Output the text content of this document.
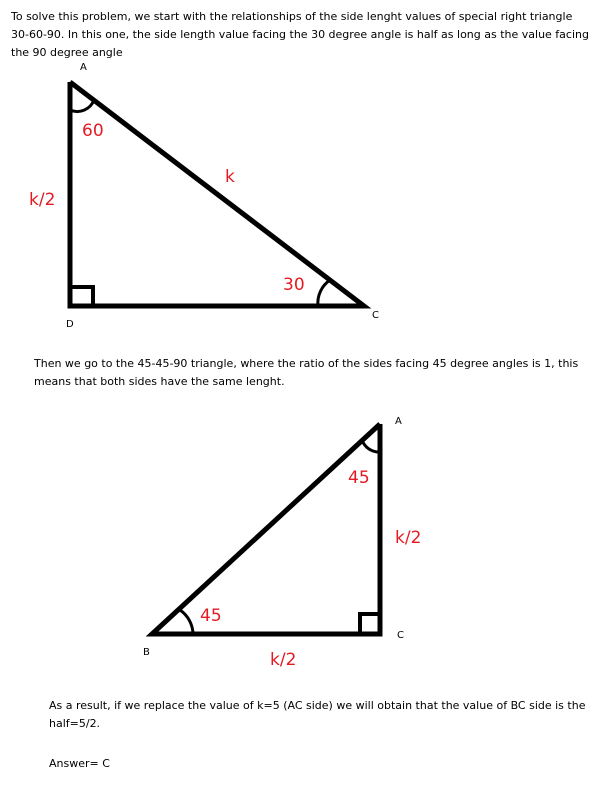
To solve this problem, we start with the relationships of the side lenght values of special right triangle 30-60-90. In this one, the side length value facing the 30 degree angle is half as long as the value facing the 90 degree angle

A
D
C
60
k
30
k/2

Then we go to the 45-45-90 triangle, where the ratio of the sides facing 45 degree angles is 1, this means that both sides have the same lenght.

A
B
C
45
k/2
45
k/2

As a result, if we replace the value of k=5 (AC side) we will obtain that the value of BC side is the half=5/2.

Answer= C
